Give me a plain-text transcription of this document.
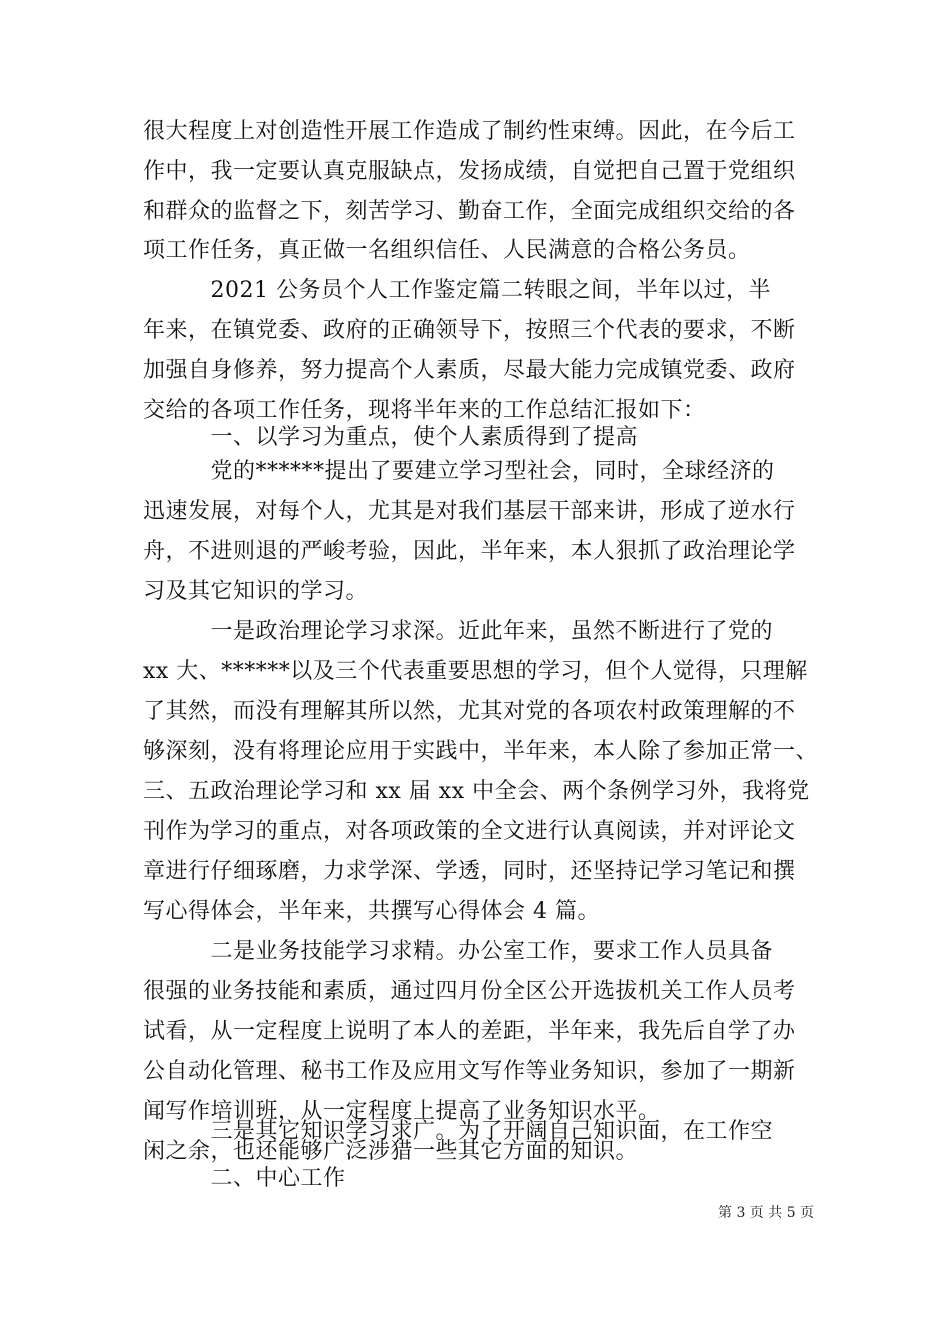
很大程度上对创造性开展工作造成了制约性束缚。因此，在今后工
作中，我一定要认真克服缺点，发扬成绩，自觉把自己置于党组织
和群众的监督之下，刻苦学习、勤奋工作，全面完成组织交给的各
项工作任务，真正做一名组织信任、人民满意的合格公务员。
　　　2021 公务员个人工作鉴定篇二转眼之间，半年以过，半
年来，在镇党委、政府的正确领导下，按照三个代表的要求，不断
加强自身修养，努力提高个人素质，尽最大能力完成镇党委、政府
交给的各项工作任务，现将半年来的工作总结汇报如下：
　　　一、以学习为重点，使个人素质得到了提高
　　　党的******提出了要建立学习型社会，同时，全球经济的
迅速发展，对每个人，尤其是对我们基层干部来讲，形成了逆水行
舟，不进则退的严峻考验，因此，半年来，本人狠抓了政治理论学
习及其它知识的学习。
　　　一是政治理论学习求深。近此年来，虽然不断进行了党的
xx 大、******以及三个代表重要思想的学习，但个人觉得，只理解
了其然，而没有理解其所以然，尤其对党的各项农村政策理解的不
够深刻，没有将理论应用于实践中，半年来，本人除了参加正常一、
三、五政治理论学习和 xx 届 xx 中全会、两个条例学习外，我将党
刊作为学习的重点，对各项政策的全文进行认真阅读，并对评论文
章进行仔细琢磨，力求学深、学透，同时，还坚持记学习笔记和撰
写心得体会，半年来，共撰写心得体会 4 篇。
　　　二是业务技能学习求精。办公室工作，要求工作人员具备
很强的业务技能和素质，通过四月份全区公开选拔机关工作人员考
试看，从一定程度上说明了本人的差距，半年来，我先后自学了办
公自动化管理、秘书工作及应用文写作等业务知识，参加了一期新
闻写作培训班，从一定程度上提高了业务知识水平。
　　　三是其它知识学习求广。为了开阔自己知识面，在工作空
闲之余，也还能够广泛涉猎一些其它方面的知识。
　　　二、中心工作
第 3 页 共 5 页
